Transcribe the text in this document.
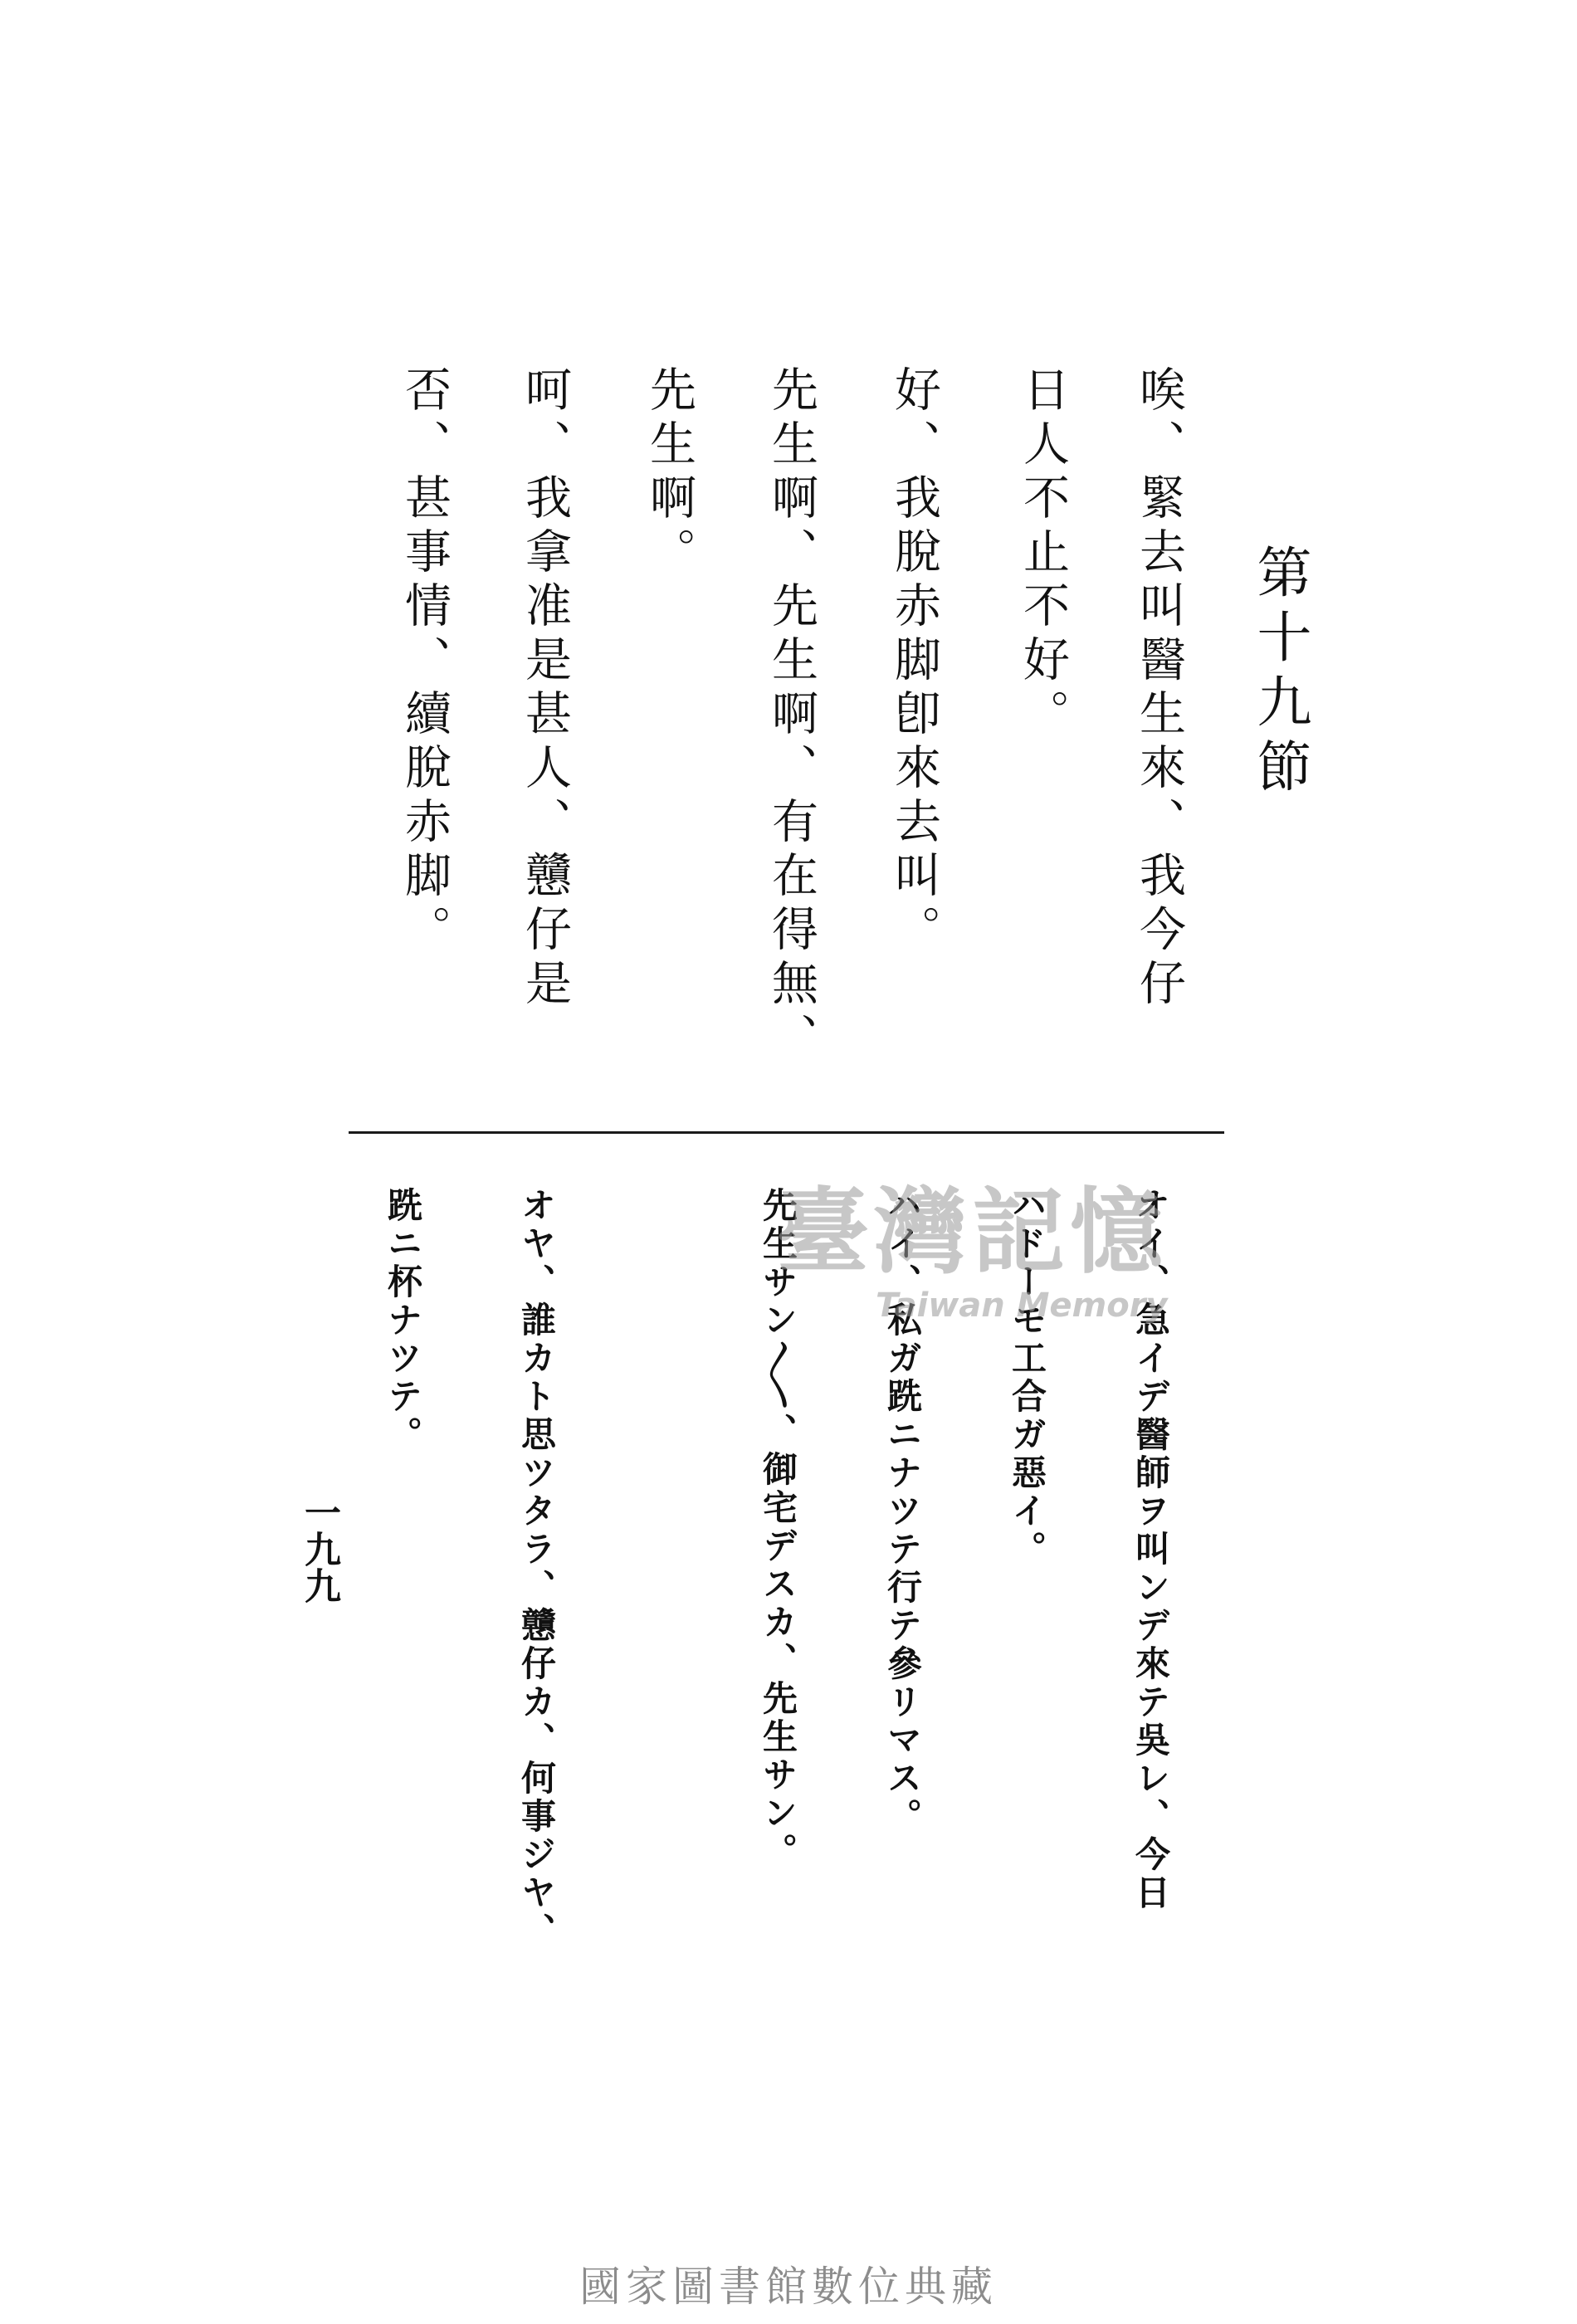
第十九節
唉、緊去叫醫生來、我今仔
日人不止不好。
好、我脫赤脚卽來去叫。
先生啊、先生啊、有在得無、
先生啊。
呵、我拿准是甚人、戇仔是
否、甚事情、續脫赤脚。
オイ、急イデ醫師ヲ叫ンデ來テ吳レ、今日
ハドーモ工合ガ惡イ。
ハイ、私ガ跣ニナツテ行テ參リマス。
先生サン〳〵、御宅デスカ、先生サン。
オヤ、誰カト思ツタラ、戇仔カ、何事ジヤ、
跣ニ杯ナツテ。
一九九
臺灣記憶
Taiwan Memory
國家圖書館數位典藏
